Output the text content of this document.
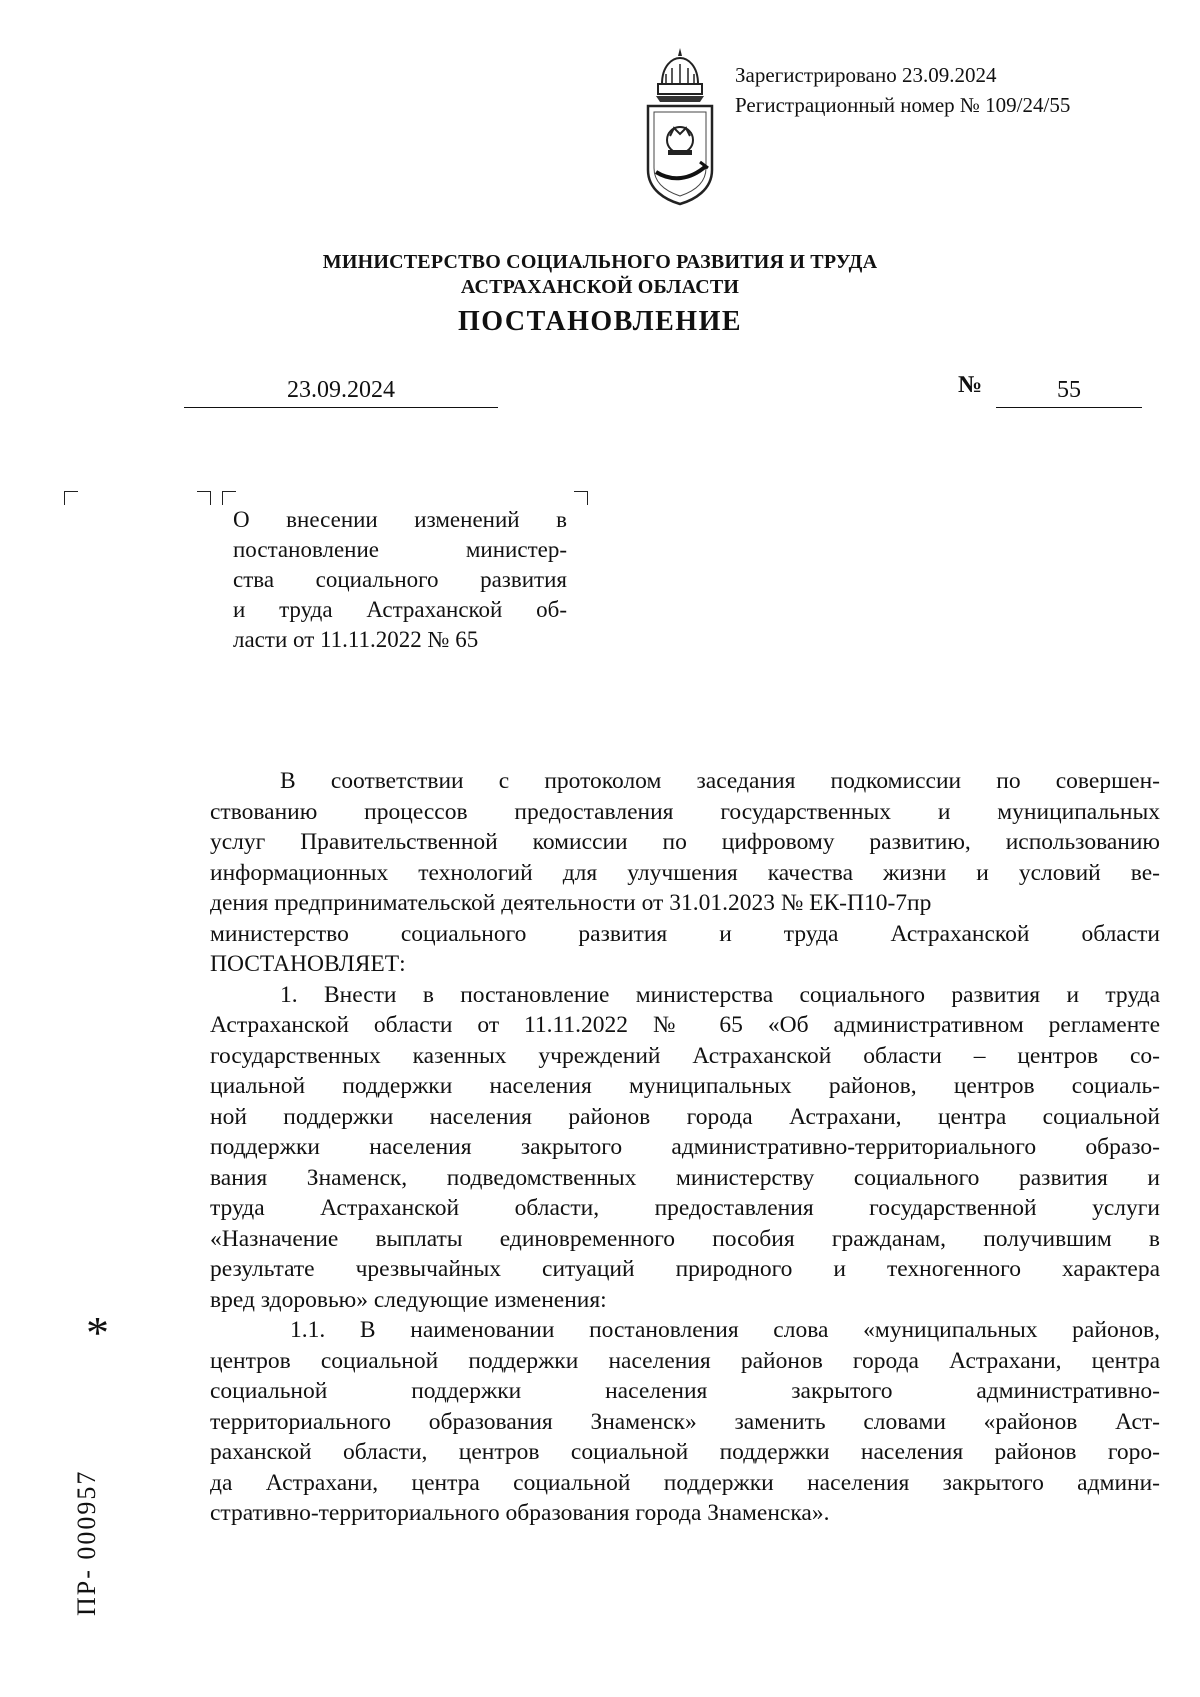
Зарегистрировано 23.09.2024
Регистрационный номер № 109/24/55
МИНИСТЕРСТВО СОЦИАЛЬНОГО РАЗВИТИЯ И ТРУДА
АСТРАХАНСКОЙ ОБЛАСТИ
ПОСТАНОВЛЕНИЕ
23.09.2024	№	55
О внесении изменений в
постановление министер-
ства социального развития
и труда Астраханской об-
ласти от 11.11.2022 № 65

В соответствии с протоколом заседания подкомиссии по совершен-

ствованию процессов предоставления государственных и муниципальных

услуг Правительственной комиссии по цифровому развитию, использованию

информационных технологий для улучшения качества жизни и условий ве-

дения предпринимательской деятельности от 31.01.2023 № ЕК-П10-7пр

министерство социального развития и труда Астраханской области

ПОСТАНОВЛЯЕТ:

1. Внести в постановление министерства социального развития и труда

Астраханской области от 11.11.2022 № 65 «Об административном регламенте

государственных казенных учреждений Астраханской области – центров со-

циальной поддержки населения муниципальных районов, центров социаль-

ной поддержки населения районов города Астрахани, центра социальной

поддержки населения закрытого административно-территориального образо-

вания Знаменск, подведомственных министерству социального развития и

труда Астраханской области, предоставления государственной услуги

«Назначение выплаты единовременного пособия гражданам, получившим в

результате чрезвычайных ситуаций природного и техногенного характера

вред здоровью» следующие изменения:

1.1. В наименовании постановления слова «муниципальных районов,

центров социальной поддержки населения районов города Астрахани, центра

социальной поддержки населения закрытого административно-

территориального образования Знаменск» заменить словами «районов Аст-

раханской области, центров социальной поддержки населения районов горо-

да Астрахани, центра социальной поддержки населения закрытого админи-

стративно-территориального образования города Знаменска».

*
ПР- 000957
